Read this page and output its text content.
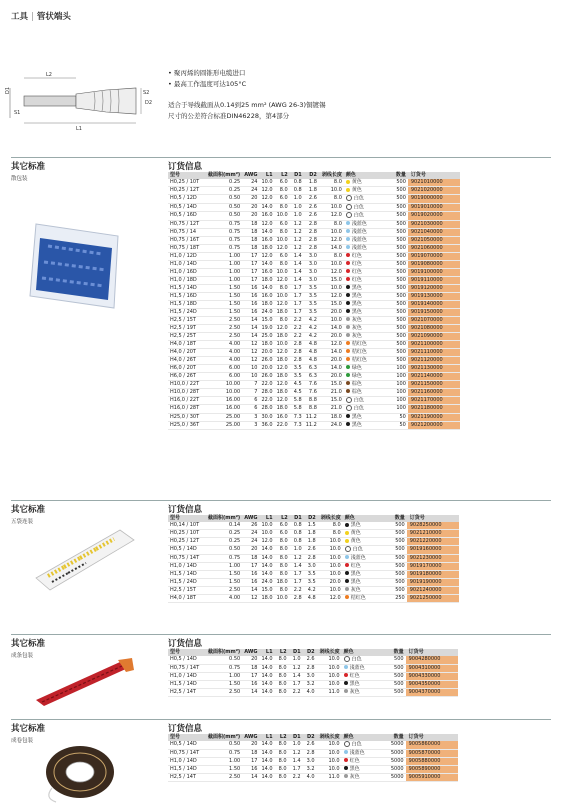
工具 | 管状端头
D1
L2
S1
S2
D2
L1
• 聚丙烯的圆锥形电缆进口
• 最高工作温度可达105°C
适合于导线截面从0.14到25 mm² (AWG 26-3)铜镀锡
尺寸的公差符合标准DIN46228，第4部分
其它标准
散包装
订货信息
型号	截面积(mm²)	AWG	L1	L2	D1	D2	剥线长度	颜色	数量	订货号
H0,25 / 10T	0.25	24	10.0	6.0	0.8	1.8	8.0	黄色	500	9021010000
H0,25 / 12T	0.25	24	12.0	8.0	0.8	1.8	10.0	黄色	500	9021020000
H0,5 / 12D	0.50	20	12.0	6.0	1.0	2.6	8.0	白色	500	9019000000
H0,5 / 14D	0.50	20	14.0	8.0	1.0	2.6	10.0	白色	500	9019010000
H0,5 / 16D	0.50	20	16.0	10.0	1.0	2.6	12.0	白色	500	9019020000
H0,75 / 12T	0.75	18	12.0	6.0	1.2	2.8	8.0	浅蓝色	500	9021030000
H0,75 / 14	0.75	18	14.0	8.0	1.2	2.8	10.0	浅蓝色	500	9021040000
H0,75 / 16T	0.75	18	16.0	10.0	1.2	2.8	12.0	浅蓝色	500	9021050000
H0,75 / 18T	0.75	18	18.0	12.0	1.2	2.8	14.0	浅蓝色	500	9021060000
H1,0 / 12D	1.00	17	12.0	6.0	1.4	3.0	8.0	红色	500	9019070000
H1,0 / 14D	1.00	17	14.0	8.0	1.4	3.0	10.0	红色	500	9019080000
H1,0 / 16D	1.00	17	16.0	10.0	1.4	3.0	12.0	红色	500	9019100000
H1,0 / 18D	1.00	17	18.0	12.0	1.4	3.0	15.0	红色	500	9019110000
H1,5 / 14D	1.50	16	14.0	8.0	1.7	3.5	10.0	黑色	500	9019120000
H1,5 / 16D	1.50	16	16.0	10.0	1.7	3.5	12.0	黑色	500	9019130000
H1,5 / 18D	1.50	16	18.0	12.0	1.7	3.5	15.0	黑色	500	9019140000
H1,5 / 24D	1.50	16	24.0	18.0	1.7	3.5	20.0	黑色	500	9019150000
H2,5 / 15T	2.50	14	15.0	8.0	2.2	4.2	10.0	灰色	500	9021070000
H2,5 / 19T	2.50	14	19.0	12.0	2.2	4.2	14.0	灰色	500	9021080000
H2,5 / 25T	2.50	14	25.0	18.0	2.2	4.2	20.0	灰色	500	9021090000
H4,0 / 18T	4.00	12	18.0	10.0	2.8	4.8	12.0	桔红色	500	9021100000
H4,0 / 20T	4.00	12	20.0	12.0	2.8	4.8	14.0	桔红色	500	9021110000
H4,0 / 26T	4.00	12	26.0	18.0	2.8	4.8	20.0	桔红色	500	9021120000
H6,0 / 20T	6.00	10	20.0	12.0	3.5	6.3	14.0	绿色	100	9021130000
H6,0 / 26T	6.00	10	26.0	18.0	3.5	6.3	20.0	绿色	100	9021140000
H10,0 / 22T	10.00	7	22.0	12.0	4.5	7.6	15.0	棕色	100	9021150000
H10,0 / 28T	10.00	7	28.0	18.0	4.5	7.6	21.0	棕色	100	9021160000
H16,0 / 22T	16.00	6	22.0	12.0	5.8	8.8	15.0	白色	100	9021170000
H16,0 / 28T	16.00	6	28.0	18.0	5.8	8.8	21.0	白色	100	9021180000
H25,0 / 30T	25.00	3	30.0	16.0	7.3	11.2	18.0	黑色	50	9021190000
H25,0 / 36T	25.00	3	36.0	22.0	7.3	11.2	24.0	黑色	50	9021200000
其它标准
五袋连装
订货信息
型号	截面积(mm²)	AWG	L1	L2	D1	D2	剥线长度	颜色	数量	订货号
H0,14 / 10T	0.14	26	10.0	6.0	0.8	1.5	8.0	黑色	500	9028250000
H0,25 / 10T	0.25	24	10.0	6.0	0.8	1.8	8.0	黄色	500	9021210000
H0,25 / 12T	0.25	24	12.0	8.0	0.8	1.8	10.0	黄色	500	9021220000
H0,5 / 14D	0.50	20	14.0	8.0	1.0	2.6	10.0	白色	500	9019160000
H0,75 / 14T	0.75	18	14.0	8.0	1.2	2.8	10.0	浅蓝色	500	9021230000
H1,0 / 14D	1.00	17	14.0	8.0	1.4	3.0	10.0	红色	500	9019170000
H1,5 / 14D	1.50	16	14.0	8.0	1.7	3.5	10.0	黑色	500	9019180000
H1,5 / 24D	1.50	16	24.0	18.0	1.7	3.5	20.0	黑色	500	9019190000
H2,5 / 15T	2.50	14	15.0	8.0	2.2	4.2	10.0	灰色	500	9021240000
H4,0 / 18T	4.00	12	18.0	10.0	2.8	4.8	12.0	桔红色	250	9021250000
其它标准
成条包装
订货信息
型号	截面积(mm²)	AWG	L1	L2	D1	D2	剥线长度	颜色	数量	订货号
H0,5 / 14D	0.50	20	14.0	8.0	1.0	2.6	10.0	白色	500	9004280000
H0,75 / 14T	0.75	18	14.0	8.0	1.2	2.8	10.0	浅蓝色	500	9004310000
H1,0 / 14D	1.00	17	14.0	8.0	1.4	3.0	10.0	红色	500	9004330000
H1,5 / 14D	1.50	16	14.0	8.0	1.7	3.2	10.0	黑色	500	9004350000
H2,5 / 14T	2.50	14	14.0	8.0	2.2	4.0	11.0	灰色	500	9004370000
其它标准
成卷包装
订货信息
型号	截面积(mm²)	AWG	L1	L2	D1	D2	剥线长度	颜色	数量	订货号
H0,5 / 14D	0.50	20	14.0	8.0	1.0	2.6	10.0	白色	5000	9005860000
H0,75 / 14T	0.75	18	14.0	8.0	1.2	2.8	10.0	浅蓝色	5000	9005870000
H1,0 / 14D	1.00	17	14.0	8.0	1.4	3.0	10.0	红色	5000	9005880000
H1,5 / 14D	1.50	16	14.0	8.0	1.7	3.2	10.0	黑色	5000	9005890000
H2,5 / 14T	2.50	14	14.0	8.0	2.2	4.0	11.0	灰色	5000	9005910000
